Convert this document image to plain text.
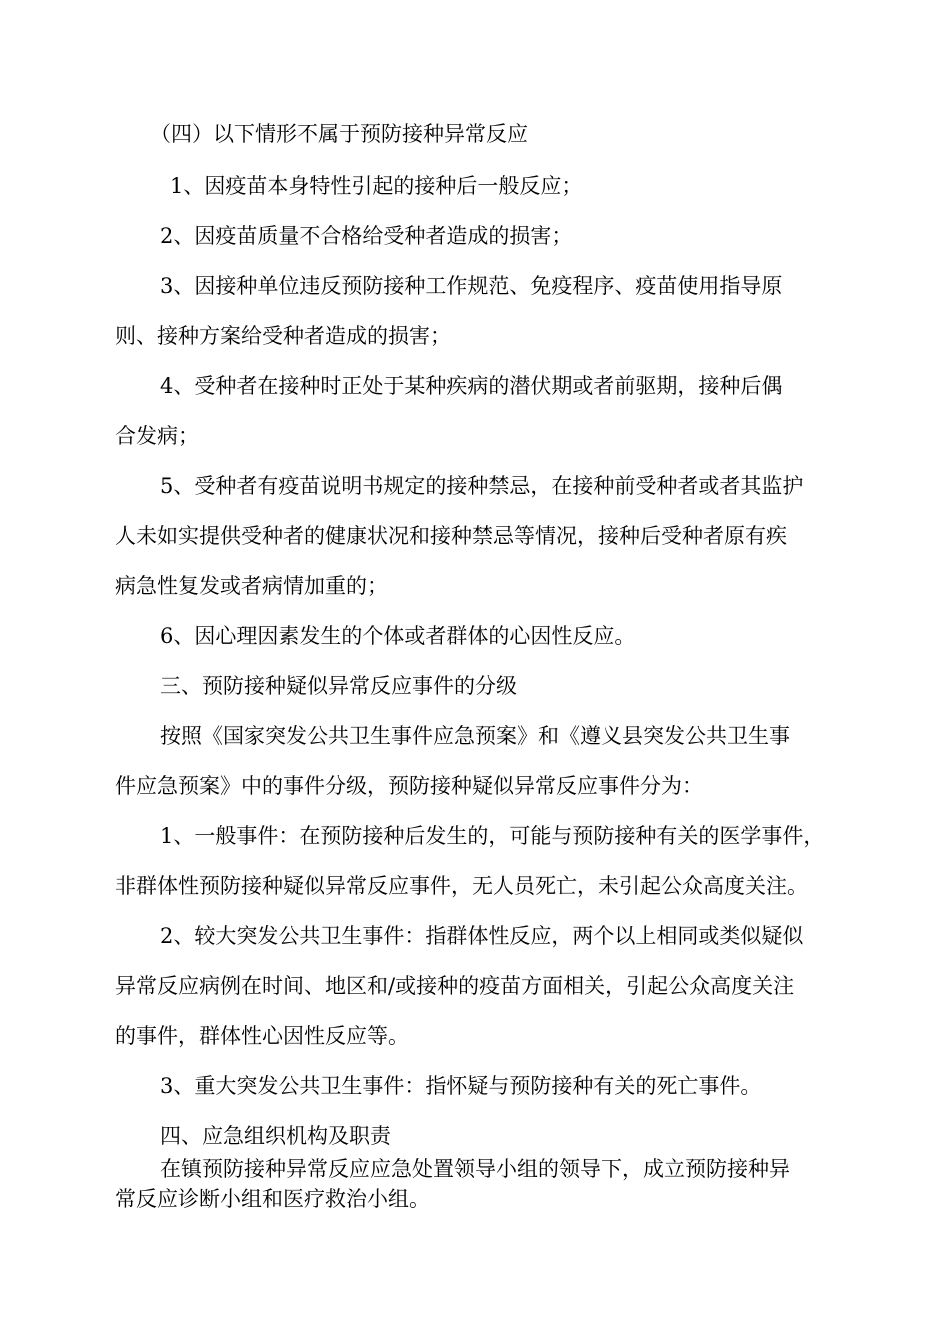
（四）以下情形不属于预防接种异常反应
1、因疫苗本身特性引起的接种后一般反应；
2、因疫苗质量不合格给受种者造成的损害；
3、因接种单位违反预防接种工作规范、免疫程序、疫苗使用指导原
则、接种方案给受种者造成的损害；
4、受种者在接种时正处于某种疾病的潜伏期或者前驱期，接种后偶
合发病；
5、受种者有疫苗说明书规定的接种禁忌，在接种前受种者或者其监护
人未如实提供受种者的健康状况和接种禁忌等情况，接种后受种者原有疾
病急性复发或者病情加重的；
6、因心理因素发生的个体或者群体的心因性反应。
三、预防接种疑似异常反应事件的分级
按照《国家突发公共卫生事件应急预案》和《遵义县突发公共卫生事
件应急预案》中的事件分级，预防接种疑似异常反应事件分为：
1、一般事件：在预防接种后发生的，可能与预防接种有关的医学事件，
非群体性预防接种疑似异常反应事件，无人员死亡，未引起公众高度关注。
2、较大突发公共卫生事件：指群体性反应，两个以上相同或类似疑似
异常反应病例在时间、地区和/或接种的疫苗方面相关，引起公众高度关注
的事件，群体性心因性反应等。
3、重大突发公共卫生事件：指怀疑与预防接种有关的死亡事件。
四、应急组织机构及职责
在镇预防接种异常反应应急处置领导小组的领导下，成立预防接种异
常反应诊断小组和医疗救治小组。
